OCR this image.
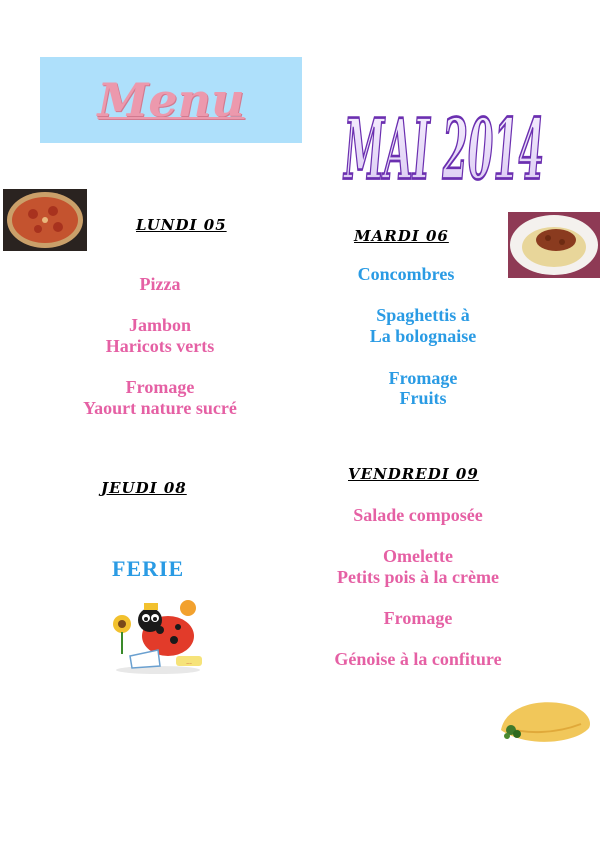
Menu
MAI 2014
LUNDI 05
Pizza
Jambon
Haricots verts
Fromage
Yaourt nature sucré
MARDI 06
Concombres
Spaghettis à
La bolognaise
Fromage
Fruits
JEUDI 08
FERIE
...
VENDREDI 09
Salade composée
Omelette
Petits pois à la crème
Fromage
Génoise à la confiture
